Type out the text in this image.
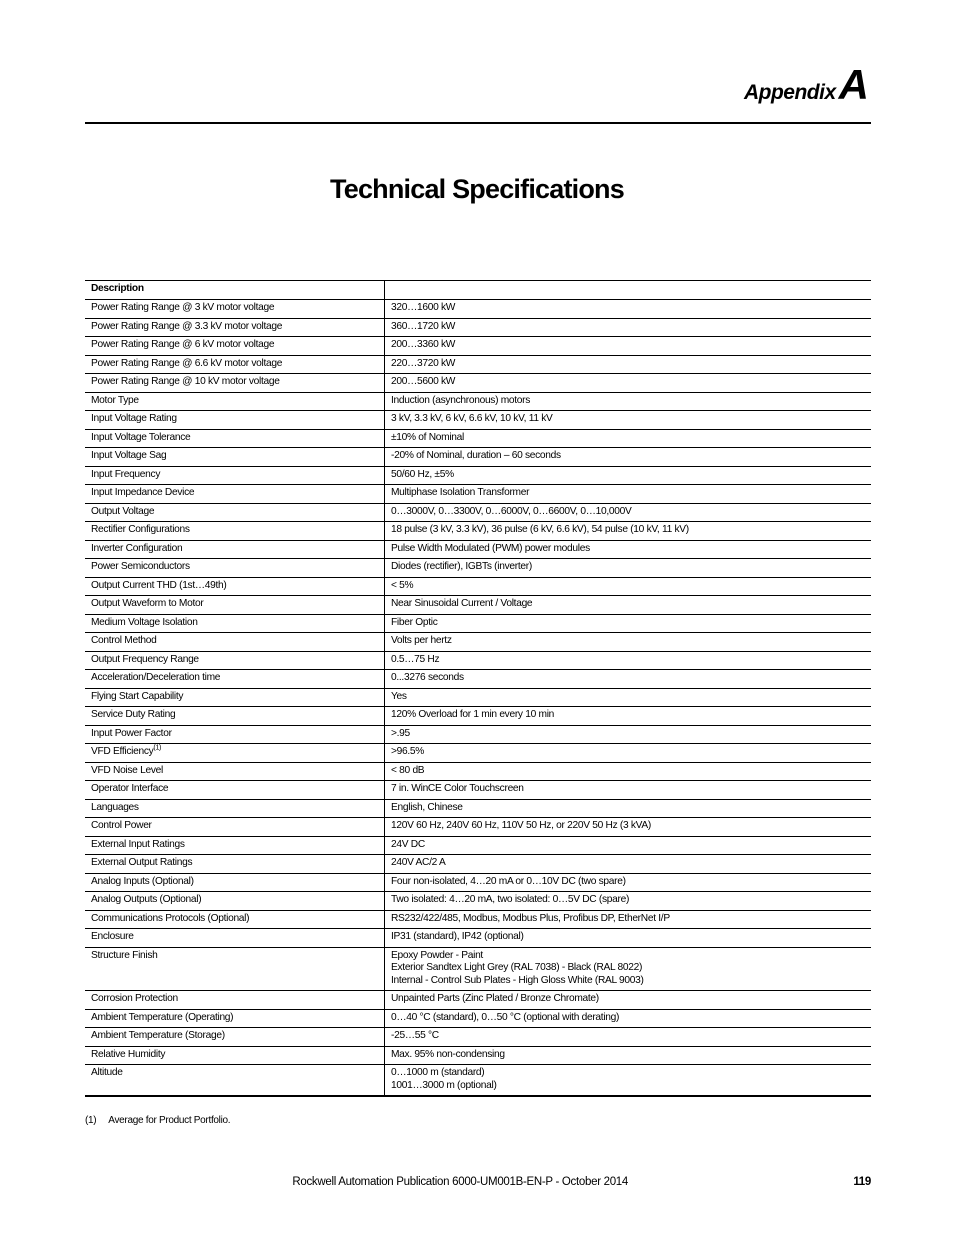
Appendix A
Technical Specifications
Description	
Power Rating Range @ 3 kV motor voltage	320…1600 kW
Power Rating Range @ 3.3 kV motor voltage	360…1720 kW
Power Rating Range @ 6 kV motor voltage	200…3360 kW
Power Rating Range @ 6.6 kV motor voltage	220…3720 kW
Power Rating Range @ 10 kV motor voltage	200…5600 kW
Motor Type	Induction (asynchronous) motors
Input Voltage Rating	3 kV, 3.3 kV, 6 kV, 6.6 kV, 10 kV, 11 kV
Input Voltage Tolerance	±10% of Nominal
Input Voltage Sag	-20% of Nominal, duration – 60 seconds
Input Frequency	50/60 Hz, ±5%
Input Impedance Device	Multiphase Isolation Transformer
Output Voltage	0…3000V, 0…3300V, 0…6000V, 0…6600V, 0…10,000V
Rectifier Configurations	18 pulse (3 kV, 3.3 kV), 36 pulse (6 kV, 6.6 kV), 54 pulse (10 kV, 11 kV)
Inverter Configuration	Pulse Width Modulated (PWM) power modules
Power Semiconductors	Diodes (rectifier), IGBTs (inverter)
Output Current THD (1st…49th)	< 5%
Output Waveform to Motor	Near Sinusoidal Current / Voltage
Medium Voltage Isolation	Fiber Optic
Control Method	Volts per hertz
Output Frequency Range	0.5…75 Hz
Acceleration/Deceleration time	0...3276 seconds
Flying Start Capability	Yes
Service Duty Rating	120% Overload for 1 min every 10 min
Input Power Factor	>.95
VFD Efficiency$^{(1)}$	>96.5%
VFD Noise Level	< 80 dB
Operator Interface	7 in. WinCE Color Touchscreen
Languages	English, Chinese
Control Power	120V 60 Hz, 240V 60 Hz, 110V 50 Hz, or 220V 50 Hz (3 kVA)
External Input Ratings	24V DC
External Output Ratings	240V AC/2 A
Analog Inputs (Optional)	Four non-isolated, 4…20 mA or 0…10V DC (two spare)
Analog Outputs (Optional)	Two isolated: 4…20 mA, two isolated: 0…5V DC (spare)
Communications Protocols (Optional)	RS232/422/485, Modbus, Modbus Plus, Profibus DP, EtherNet I/P
Enclosure	IP31 (standard), IP42 (optional)
Structure Finish	Epoxy Powder - Paint
Exterior Sandtex Light Grey (RAL 7038) - Black (RAL 8022)
Internal - Control Sub Plates - High Gloss White (RAL 9003)

Corrosion Protection	Unpainted Parts (Zinc Plated / Bronze Chromate)
Ambient Temperature (Operating)	0…40 °C (standard), 0…50 °C (optional with derating)
Ambient Temperature (Storage)	-25…55 °C
Relative Humidity	Max. 95% non-condensing
Altitude	0…1000 m (standard)
1001…3000 m (optional)
(1) Average for Product Portfolio.
Rockwell Automation Publication 6000-UM001B-EN-P - October 2014	119
